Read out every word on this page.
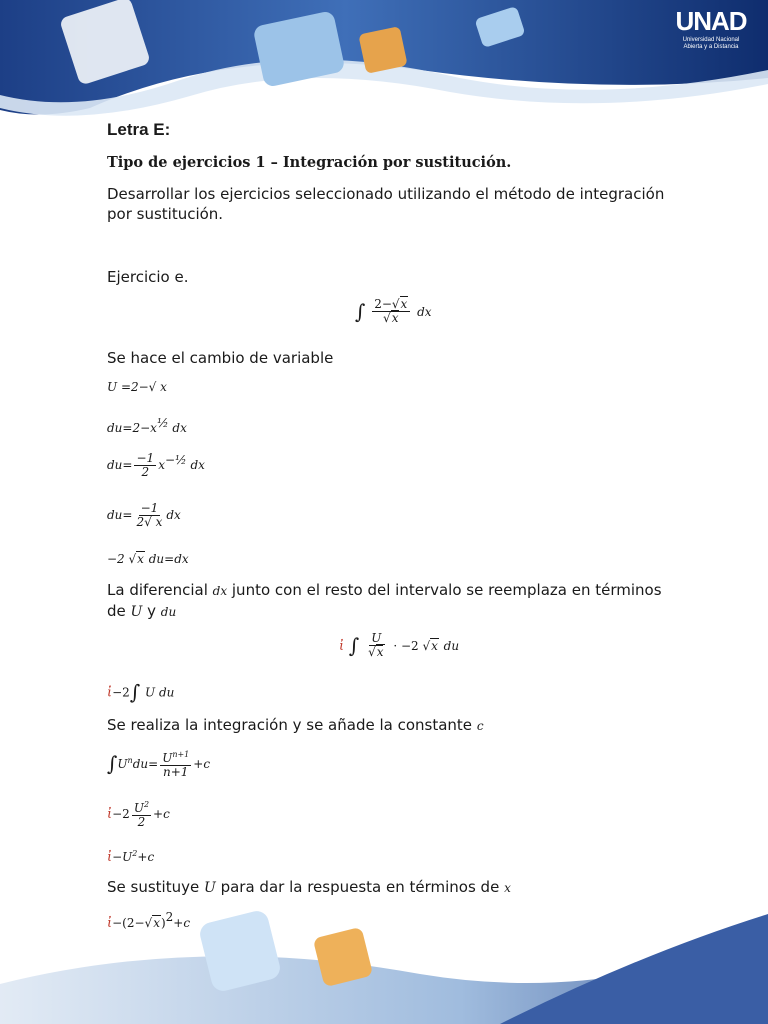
UNAD
Universidad Nacional
Abierta y a Distancia
Letra E:
Tipo de ejercicios 1 – Integración por sustitución.
Desarrollar los ejercicios seleccionado utilizando el método de integración
por sustitución.
Ejercicio e.
∫ $\frac{2-√x}{√x}$ dx
Se hace el cambio de variable
U =2−√ x
$du=2-x^{\frac{1}{2}}$ dx
$du= \frac{-1}{2} x^{-\frac{1}{2}}$ dx
$du= \frac{-1}{2√ x}$ dx
−2 √x du=dx
La diferencial dx junto con el resto del intervalo se reemplaza en términos
de U y du
ἰ ∫ $\frac{U}{√x} \cdot -2$ √x du
ἰ−2∫ U du
Se realiza la integración y se añade la constante c
$\int U^ndu= \frac{U^{n+1}}{n+1} +c$
ἰ−2 $\frac{U^2}{2} +c$
$ἰ-U^2+c$
Se sustituye U para dar la respuesta en términos de x
$ἰ-(2-√x)^2+c$
